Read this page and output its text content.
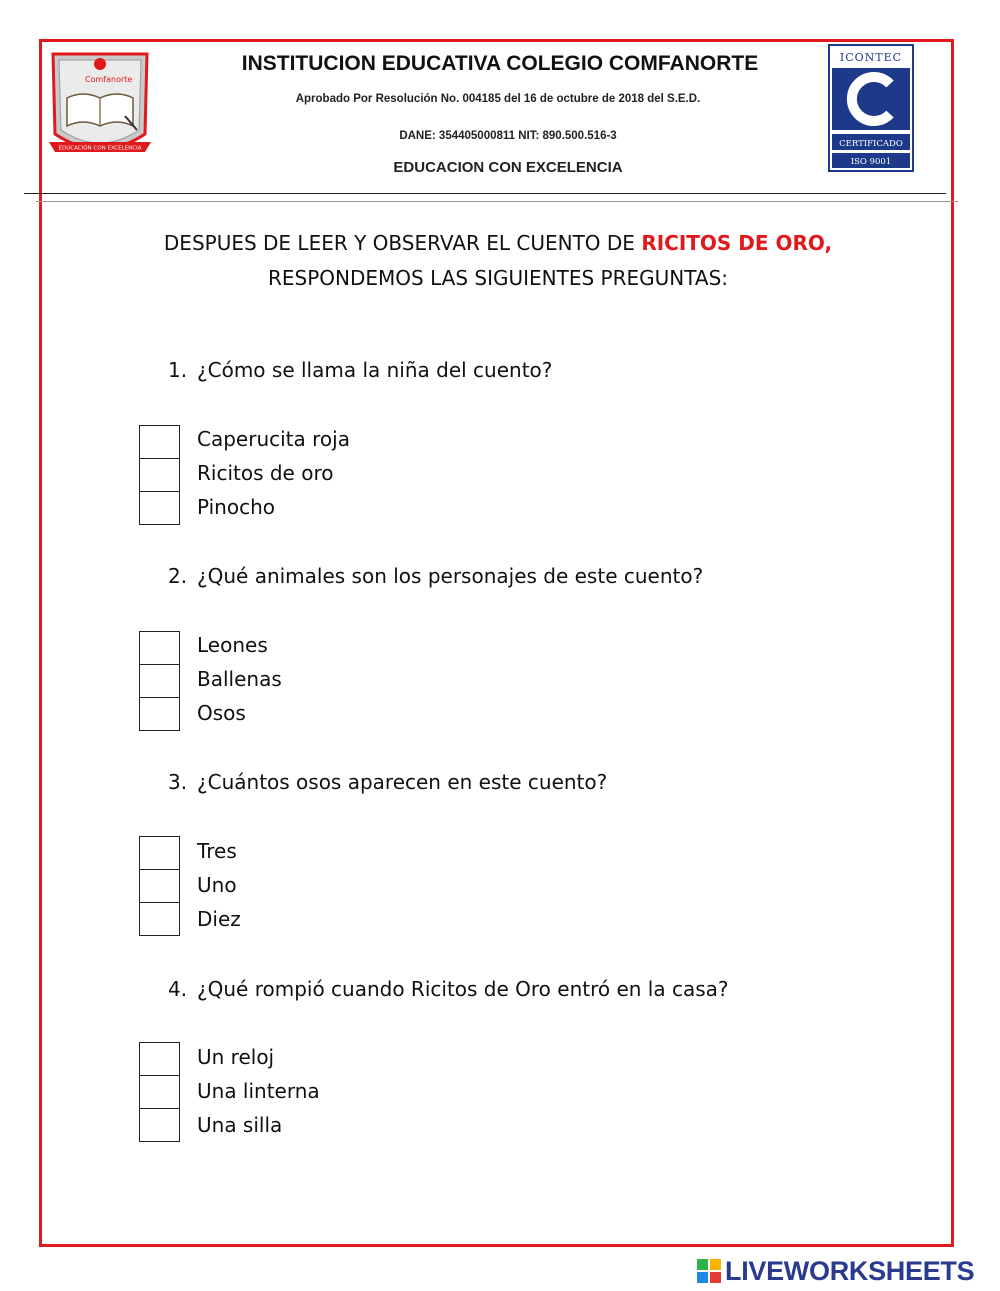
Comfanorte
EDUCACIÓN CON EXCELENCIA
ICONTEC
CERTIFICADO
ISO 9001
INSTITUCION EDUCATIVA COLEGIO COMFANORTE
Aprobado Por Resolución No. 004185 del 16 de octubre de 2018 del S.E.D.
DANE: 354405000811 NIT: 890.500.516-3
EDUCACION CON EXCELENCIA
DESPUES DE LEER Y OBSERVAR EL CUENTO DE RICITOS DE ORO, RESPONDEMOS LAS SIGUIENTES PREGUNTAS:
1. ¿Cómo se llama la niña del cuento?
Caperucita roja
Ricitos de oro
Pinocho
2. ¿Qué animales son los personajes de este cuento?
Leones
Ballenas
Osos
3. ¿Cuántos osos aparecen en este cuento?
Tres
Uno
Diez
4. ¿Qué rompió cuando Ricitos de Oro entró en la casa?
Un reloj
Una linterna
Una silla
LIVEWORKSHEETS
